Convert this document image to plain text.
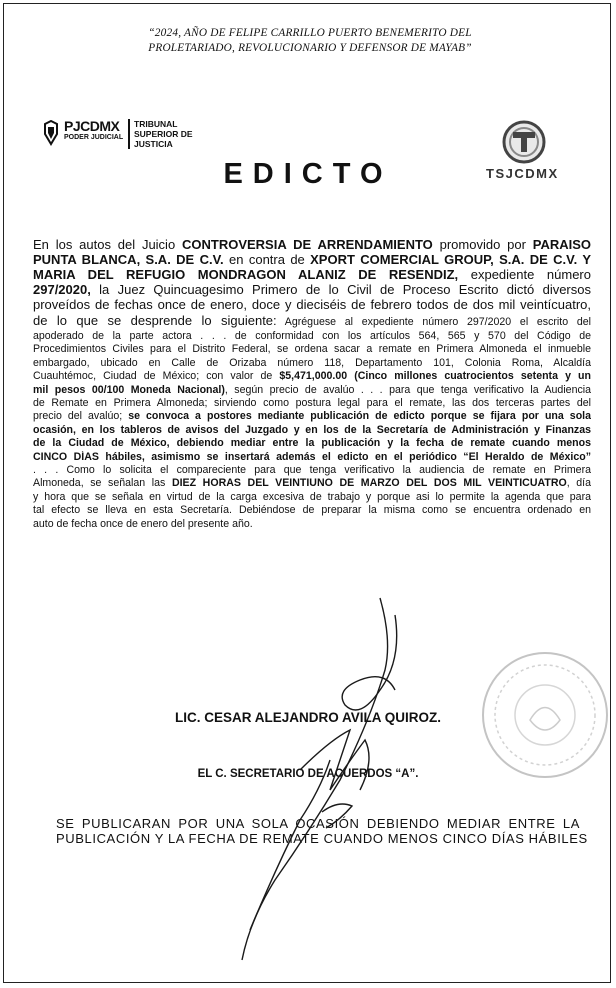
“2024, AÑO DE FELIPE CARRILLO PUERTO BENEMERITO DEL
PROLETARIADO, REVOLUCIONARIO Y DEFENSOR DE MAYAB”
PJCDMX
PODER JUDICIAL
TRIBUNAL
SUPERIOR DE
JUSTICIA
TSJCDMX
EDICTO
En los autos del Juicio CONTROVERSIA DE ARRENDAMIENTO promovido por PARAISO
PUNTA BLANCA, S.A. DE C.V. en contra de XPORT COMERCIAL GROUP, S.A. DE C.V. Y
MARIA DEL REFUGIO MONDRAGON ALANIZ DE RESENDIZ, expediente número
297/2020, la Juez Quincuagesimo Primero de lo Civil de Proceso Escrito dictó diversos
proveídos de fechas once de enero, doce y dieciséis de febrero todos de dos mil veintícuatro,
de lo que se desprende lo siguiente: Agréguese al expediente número 297/2020 el escrito del
apoderado de la parte actora . . . de conformidad con los artículos 564, 565 y 570 del Código de
Procedimientos Civiles para el Distrito Federal, se ordena sacar a remate en Primera Almoneda el inmueble
embargado, ubicado en Calle de Orizaba número 118, Departamento 101, Colonia Roma, Alcaldía
Cuauhtémoc, Ciudad de México; con valor de $5,471,000.00 (Cinco millones cuatrocientos setenta y un
mil pesos 00/100 Moneda Nacional), según precio de avalúo . . . para que tenga verificativo la Audiencia
de Remate en Primera Almoneda; sirviendo como postura legal para el remate, las dos terceras partes del
precio del avalúo; se convoca a postores mediante publicación de edicto porque se fijara por una sola
ocasión, en los tableros de avisos del Juzgado y en los de la Secretaría de Administración y Finanzas
de la Ciudad de México, debiendo mediar entre la publicación y la fecha de remate cuando menos
CINCO DÍAS hábiles, asimismo se insertará además el edicto en el periódico “El Heraldo de México”
. . . Como lo solicita el compareciente para que tenga verificativo la audiencia de remate en Primera
Almoneda, se señalan las DIEZ HORAS DEL VEINTIUNO DE MARZO DEL DOS MIL VEINTICUATRO, día
y hora que se señala en virtud de la carga excesiva de trabajo y porque asi lo permite la agenda que para
tal efecto se lleva en esta Secretaría. Debiéndose de preparar la misma como se encuentra ordenado en
auto de fecha once de enero del presente año.
LIC. CESAR ALEJANDRO AVILA QUIROZ.
EL C. SECRETARIO DE ACUERDOS “A”.
SE PUBLICARAN POR UNA SOLA OCASIÓN DEBIENDO MEDIAR ENTRE LA
PUBLICACIÓN Y LA FECHA DE REMATE CUANDO MENOS CINCO DÍAS HÁBILES
